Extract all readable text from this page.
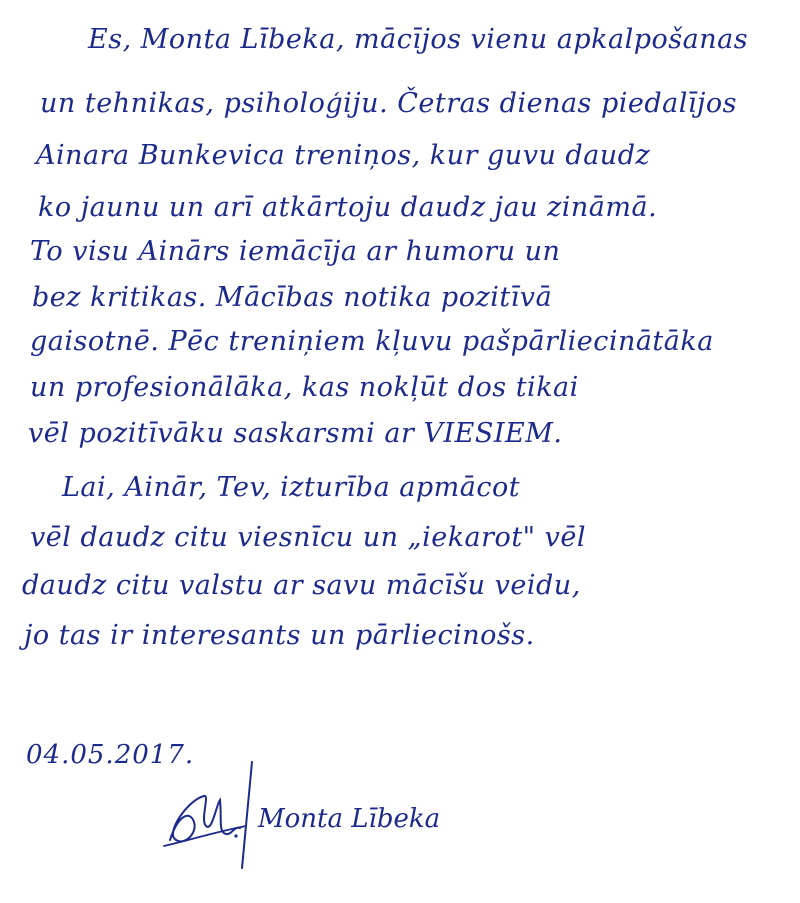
Es, Monta Lībeka, mācījos vienu apkalpošanas
un tehnikas, psiholoģiju. Četras dienas piedalījos
Ainara Bunkevica treniņos, kur guvu daudz
ko jaunu un arī atkārtoju daudz jau zināmā.
To visu Ainārs iemācīja ar humoru un
bez kritikas. Mācības notika pozitīvā
gaisotnē. Pēc treniņiem kļuvu pašpārliecinātāka
un profesionālāka, kas nokļūt dos tikai
vēl pozitīvāku saskarsmi ar VIESIEM.
Lai, Ainār, Tev, izturība apmācot
vēl daudz citu viesnīcu un „iekarot" vēl
daudz citu valstu ar savu mācīšu veidu,
jo tas ir interesants un pārliecinošs.
04.05.2017.
Monta Lībeka
